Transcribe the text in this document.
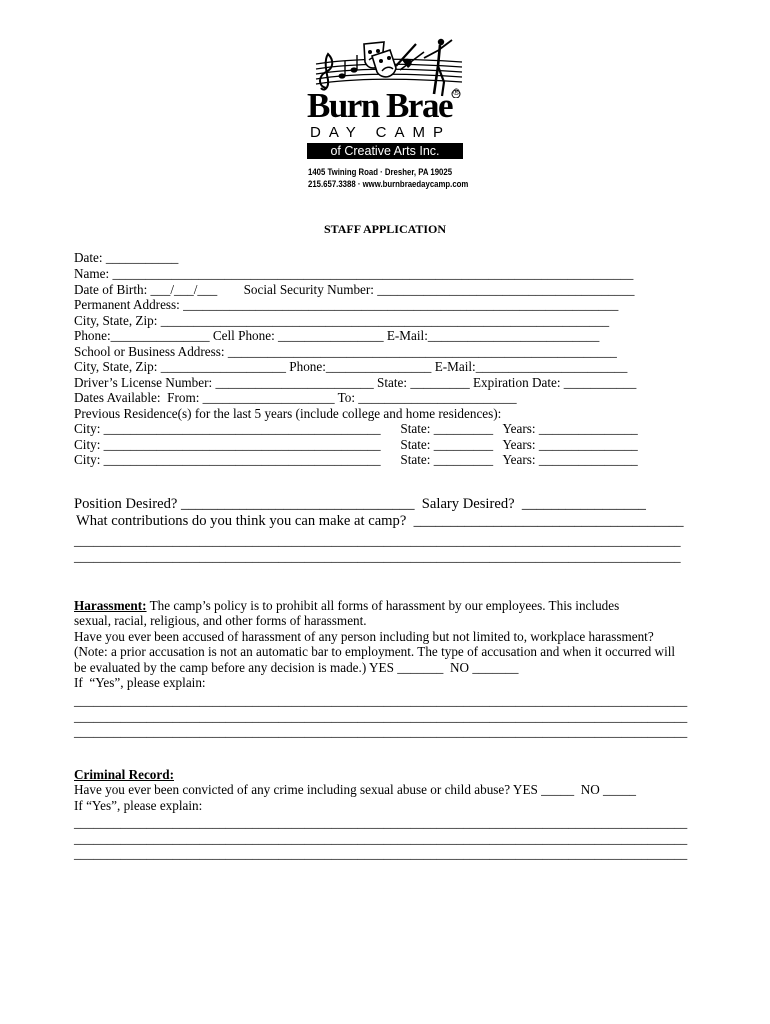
Burn Brae ®
DAY CAMP
of Creative Arts Inc.
1405 Twining Road · Dresher, PA 19025
215.657.3388 · www.burnbraedaycamp.com
STAFF APPLICATION
Date: ___________
Name: _______________________________________________________________________________
Date of Birth: ___/___/___        Social Security Number: _______________________________________
Permanent Address: __________________________________________________________________
City, State, Zip: ____________________________________________________________________
Phone:_______________ Cell Phone: ________________ E-Mail:__________________________
School or Business Address: ___________________________________________________________
City, State, Zip: ___________________ Phone:________________ E-Mail:_______________________
Driver’s License Number: ________________________ State: _________ Expiration Date: ___________
Dates Available:  From: ____________________ To: ________________________
Previous Residence(s) for the last 5 years (include college and home residences):
City: __________________________________________      State: _________   Years: _______________
City: __________________________________________      State: _________   Years: _______________
City: __________________________________________      State: _________   Years: _______________
Position Desired? ________________________________  Salary Desired?  _________________
What contributions do you think you can make at camp?  _____________________________________
____________________________________________________________________________________________
____________________________________________________________________________________________
Harassment: The camp’s policy is to prohibit all forms of harassment by our employees. This includes
sexual, racial, religious, and other forms of harassment.
Have you ever been accused of harassment of any person including but not limited to, workplace harassment?
(Note: a prior accusation is not an automatic bar to employment. The type of accusation and when it occurred will
be evaluated by the camp before any decision is made.) YES _______  NO _______
If  “Yes”, please explain:
_____________________________________________________________________________________________
_____________________________________________________________________________________________
_____________________________________________________________________________________________
Criminal Record:
Have you ever been convicted of any crime including sexual abuse or child abuse? YES _____  NO _____
If “Yes”, please explain:
_____________________________________________________________________________________________
_____________________________________________________________________________________________
_____________________________________________________________________________________________
